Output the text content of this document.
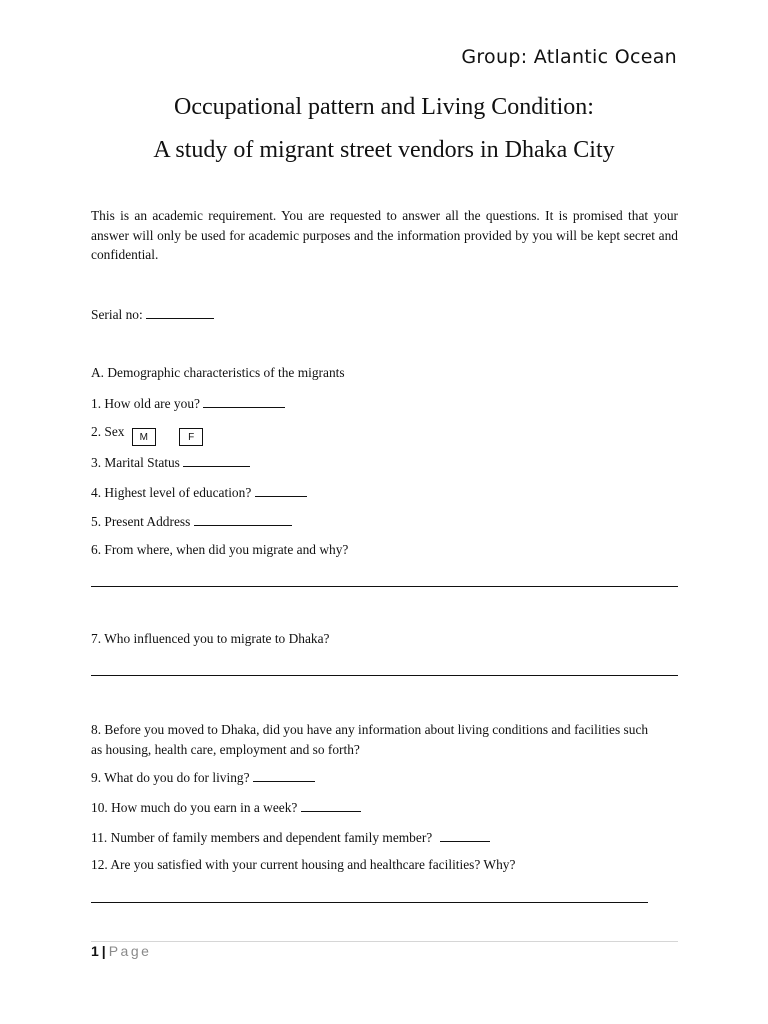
Group: Atlantic Ocean
Occupational pattern and Living Condition:
A study of migrant street vendors in Dhaka City
This is an academic requirement. You are requested to answer all the questions. It is promised that your answer will only be used for academic purposes and the information provided by you will be kept secret and confidential.
Serial no:
A. Demographic characteristics of the migrants
1. How old are you?
2. Sex M	F
3. Marital Status
4. Highest level of education?
5. Present Address
6. From where, when did you migrate and why?
7. Who influenced you to migrate to Dhaka?
8. Before you moved to Dhaka, did you have any information about living conditions and facilities such as housing, health care, employment and so forth?
9. What do you do for living?
10. How much do you earn in a week?
11. Number of family members and dependent family member?
12. Are you satisfied with your current housing and healthcare facilities? Why?
1 | Page
